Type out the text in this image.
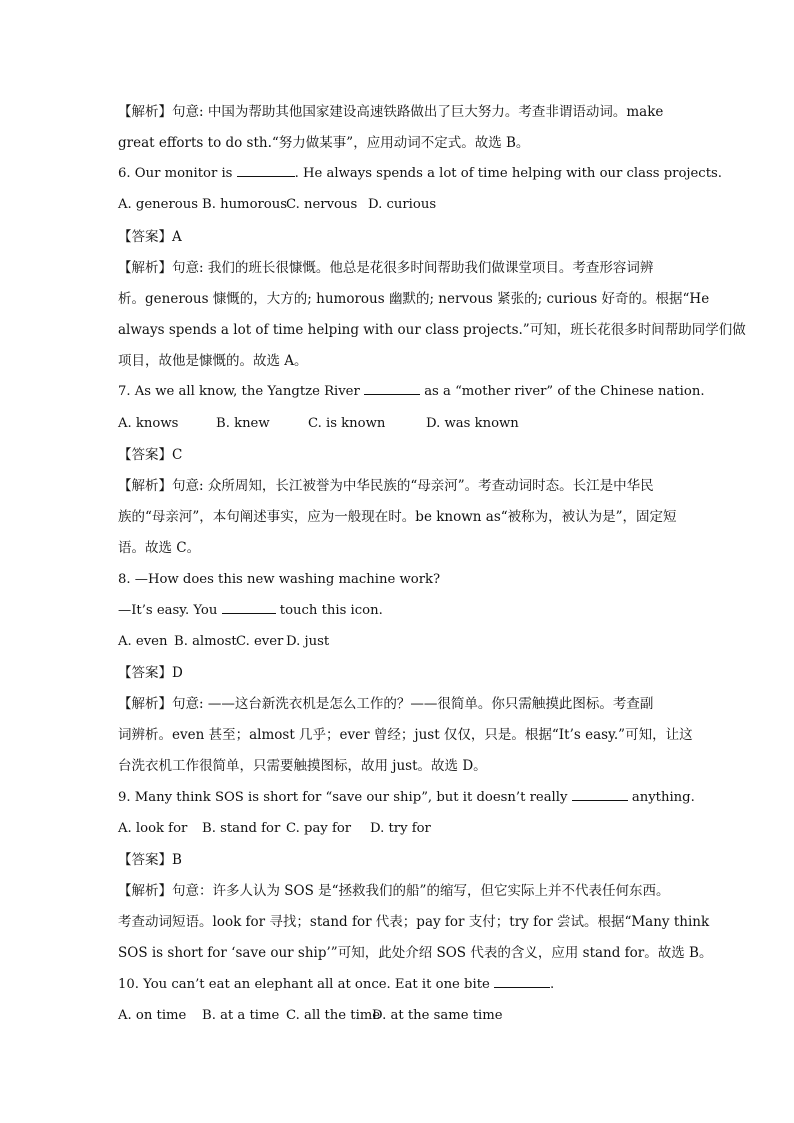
【解析】句意: 中国为帮助其他国家建设高速铁路做出了巨大努力。考查非谓语动词。make
great efforts to do sth.“努力做某事”，应用动词不定式。故选 B。
6. Our monitor is	. He always spends a lot of time helping with our class projects.
A. generous B. humorousC. nervous D. curious
【答案】A
【解析】句意: 我们的班长很慷慨。他总是花很多时间帮助我们做课堂项目。考查形容词辨
析。generous 慷慨的，大方的; humorous 幽默的; nervous 紧张的; curious 好奇的。根据“He
always spends a lot of time helping with our class projects.”可知，班长花很多时间帮助同学们做
项目，故他是慷慨的。故选 A。
7. As we all know, the Yangtze River	as a “mother river” of the Chinese nation.
A. knows	B. knew	C. is known	D. was known
【答案】C
【解析】句意: 众所周知，长江被誉为中华民族的“母亲河”。考查动词时态。长江是中华民
族的“母亲河”，本句阐述事实，应为一般现在时。be known as“被称为，被认为是”，固定短
语。故选 C。
8. —How does this new washing machine work?
—It’s easy. You	touch this icon.
A. even B. almostC. ever D. just
【答案】D
【解析】句意: ——这台新洗衣机是怎么工作的？——很简单。你只需触摸此图标。考查副
词辨析。even 甚至；almost 几乎；ever 曾经；just 仅仅，只是。根据“It’s easy.”可知，让这
台洗衣机工作很简单，只需要触摸图标，故用 just。故选 D。
9. Many think SOS is short for “save our ship”, but it doesn’t really	anything.
A. look for B. stand for C. pay for D. try for
【答案】B
【解析】句意：许多人认为 SOS 是“拯救我们的船”的缩写，但它实际上并不代表任何东西。
考查动词短语。look for 寻找；stand for 代表；pay for 支付；try for 尝试。根据“Many think
SOS is short for ‘save our ship’”可知，此处介绍 SOS 代表的含义，应用 stand for。故选 B。
10. You can’t eat an elephant all at once. Eat it one bite	.
A. on time B. at a time C. all the timeD. at the same time
